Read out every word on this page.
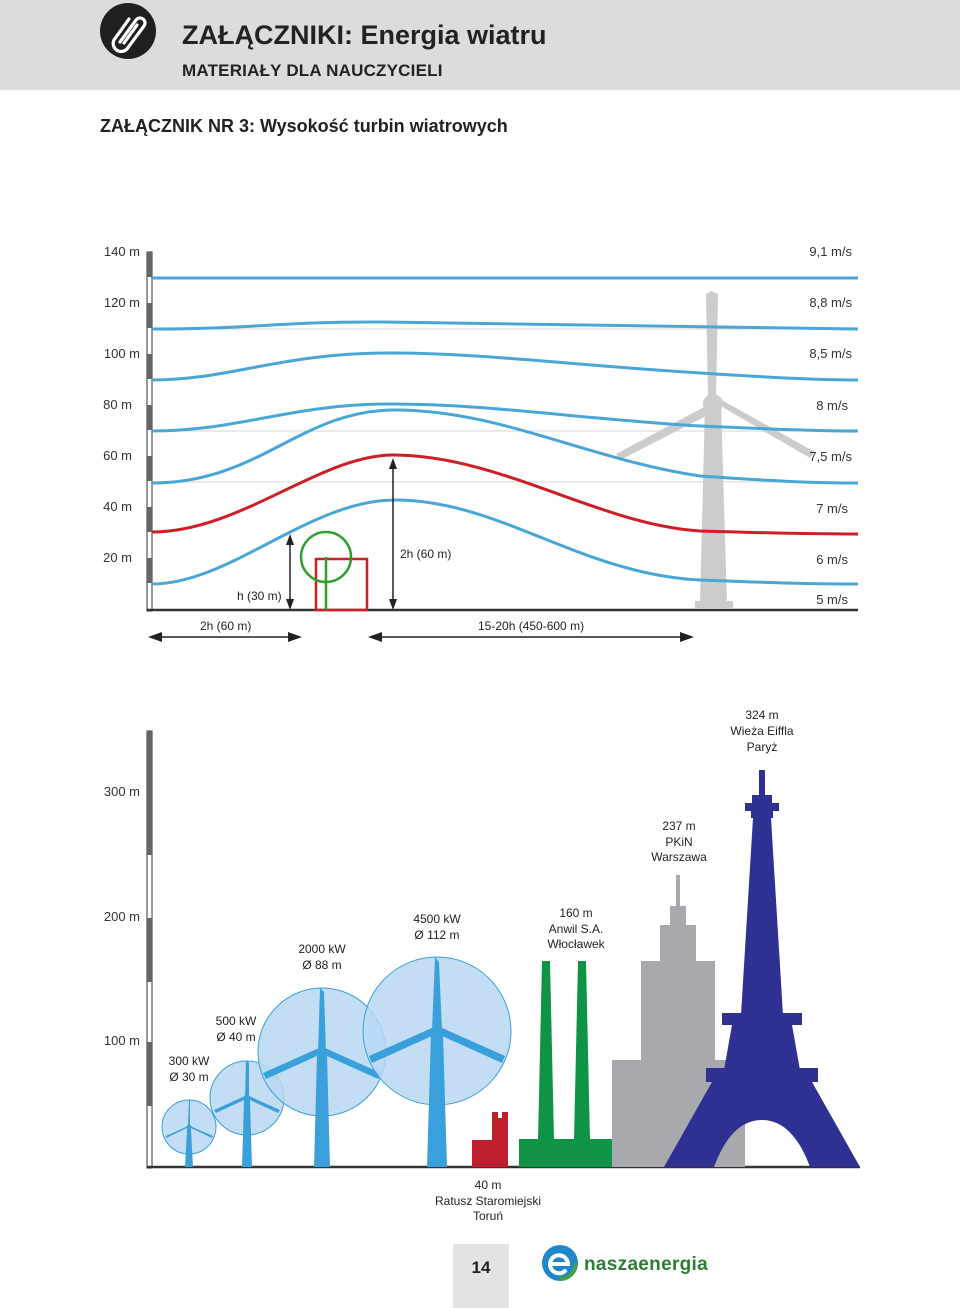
ZAŁĄCZNIKI: Energia wiatru
MATERIAŁY DLA NAUCZYCIELI
ZAŁĄCZNIK NR 3: Wysokość turbin wiatrowych
140 m
120 m
100 m
80 m
60 m
40 m
20 m
9,1 m/s
8,8 m/s
8,5 m/s
8 m/s
7,5 m/s
7 m/s
6 m/s
5 m/s
h (30 m)
2h (60 m)
2h (60 m)	15-20h (450-600 m)
300 m
200 m
100 m
300 kW
Ø 30 m
500 kW
Ø 40 m
2000 kW
Ø 88 m
4500 kW
Ø 112 m
160 m
Anwil S.A.
Włocławek
237 m
PKiN
Warszawa
324 m
Wieża Eiffla
Paryż
40 m
Ratusz Staromiejski
Toruń
14	naszaenergia
